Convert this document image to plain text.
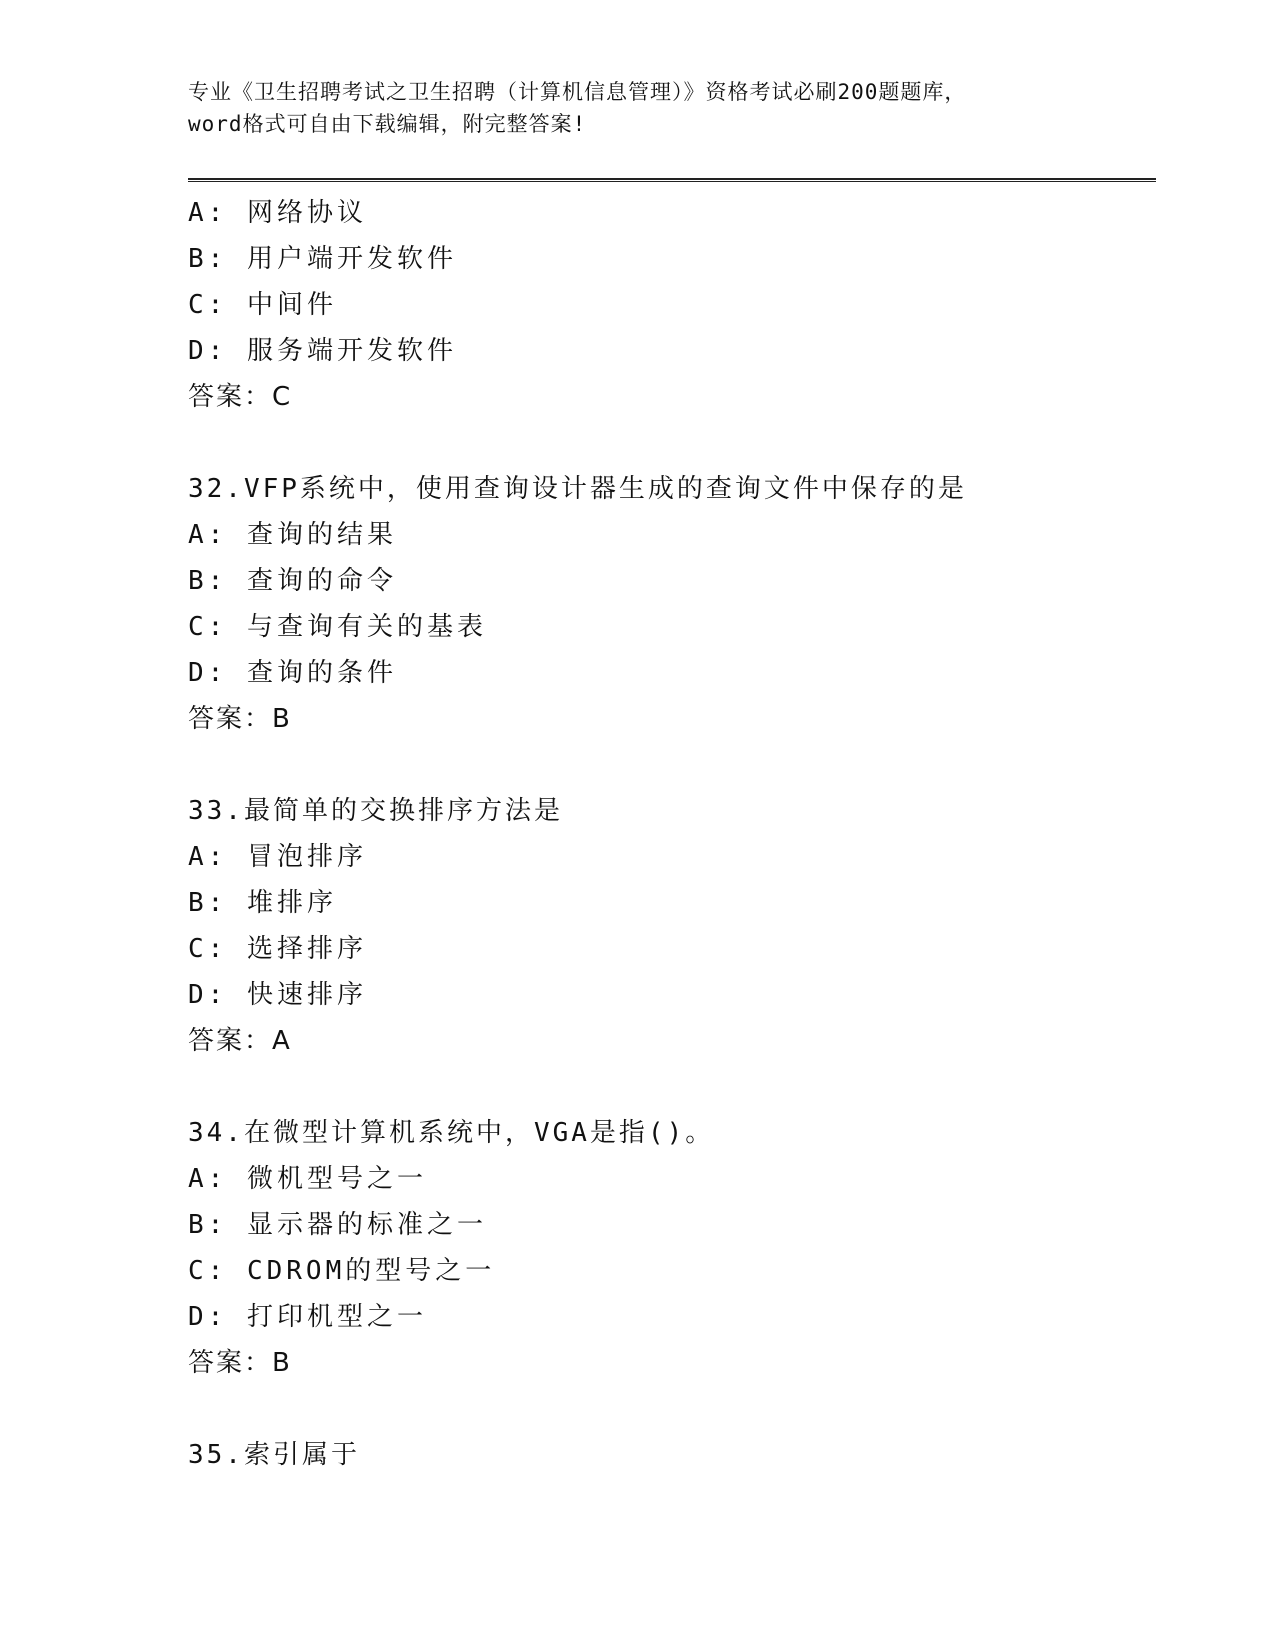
专业《卫生招聘考试之卫生招聘（计算机信息管理）》资格考试必刷200题题库，
word格式可自由下载编辑，附完整答案!
A: 网络协议
B: 用户端开发软件
C: 中间件
D: 服务端开发软件
答案：C
32.VFP系统中，使用查询设计器生成的查询文件中保存的是
A: 查询的结果
B: 查询的命令
C: 与查询有关的基表
D: 查询的条件
答案：B
33.最简单的交换排序方法是
A: 冒泡排序
B: 堆排序
C: 选择排序
D: 快速排序
答案：A
34.在微型计算机系统中，VGA是指()。
A: 微机型号之一
B: 显示器的标准之一
C: CDROM的型号之一
D: 打印机型之一
答案：B
35.索引属于
